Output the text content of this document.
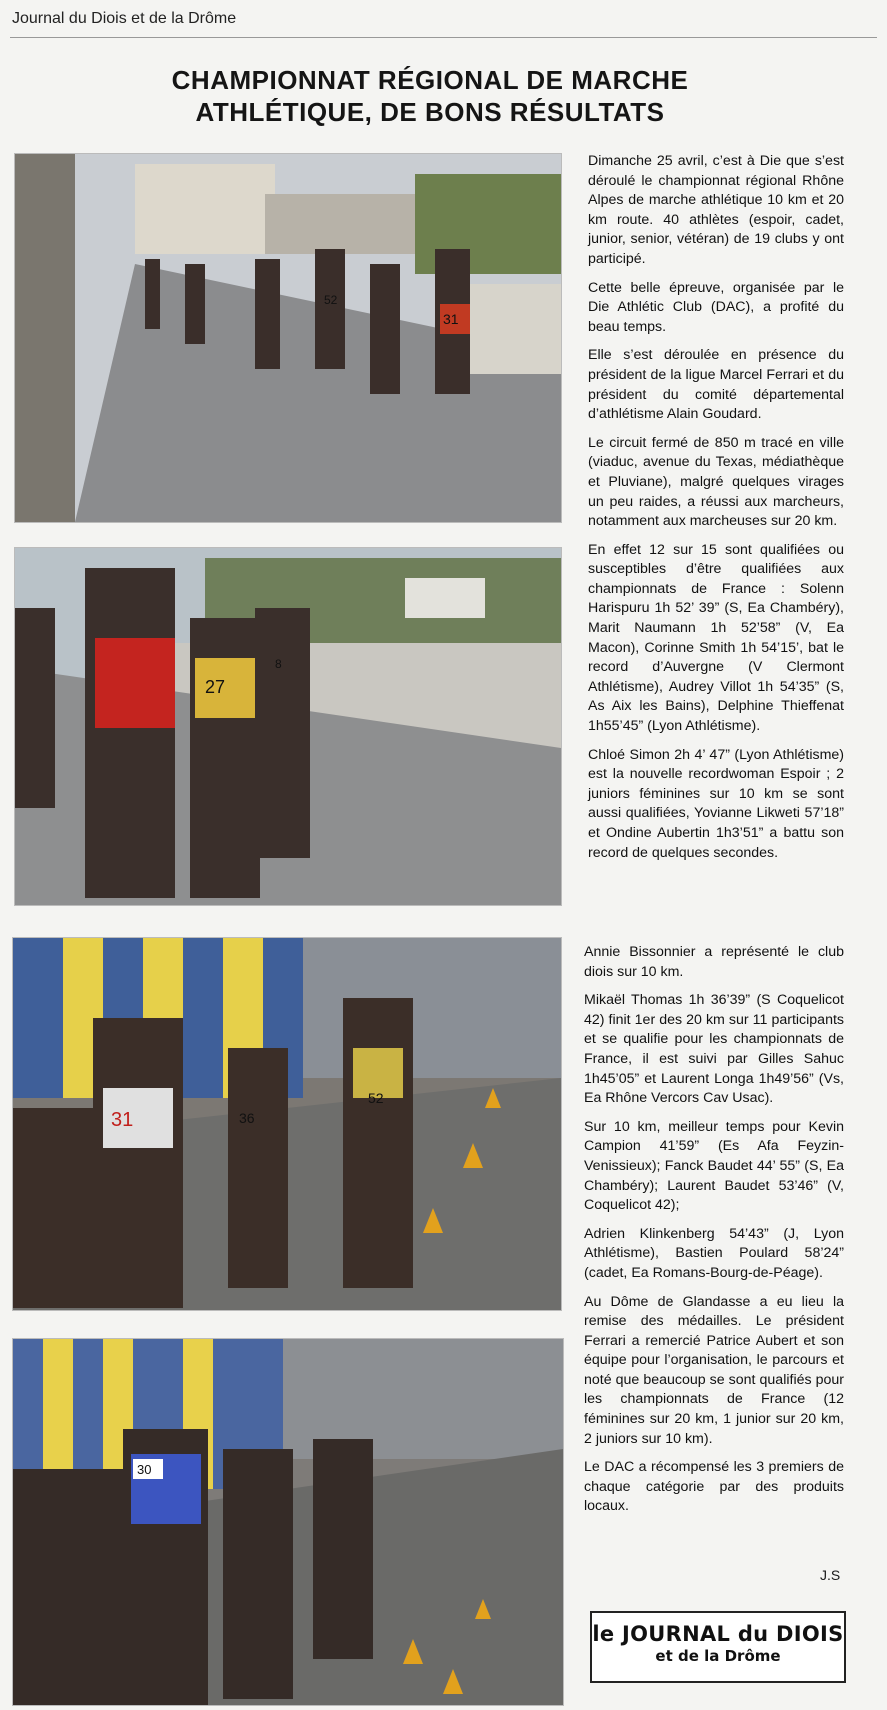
Journal du Diois et de la Drôme
CHAMPIONNAT RÉGIONAL DE MARCHE
ATHLÉTIQUE, DE BONS RÉSULTATS
52
31
27
8
31	36
52
30

Dimanche 25 avril, c’est à Die que s’est déroulé le championnat régional Rhône Alpes de marche athlétique 10 km et 20 km route. 40 athlètes (espoir, cadet, junior, senior, vétéran) de 19 clubs y ont participé.

Cette belle épreuve, organisée par le Die Athlétic Club (DAC), a profité du beau temps.

Elle s’est déroulée en présence du président de la ligue Marcel Ferrari et du président du comité départemental d’athlétisme Alain Goudard.

Le circuit fermé de 850 m tracé en ville (viaduc, avenue du Texas, médiathèque et Pluviane), malgré quelques virages un peu raides, a réussi aux marcheurs, notamment aux marcheuses sur 20 km.

En effet 12 sur 15 sont qualifiées ou susceptibles d’être qualifiées aux championnats de France : Solenn Harispuru 1h 52’ 39” (S, Ea Chambéry), Marit Naumann 1h 52’58” (V, Ea Macon), Corinne Smith 1h 54’15’, bat le record d’Auvergne (V Clermont Athlétisme), Audrey Villot 1h 54’35” (S, As Aix les Bains), Delphine Thieffenat 1h55’45” (Lyon Athlétisme).

Chloé Simon 2h 4’ 47” (Lyon Athlétisme) est la nouvelle recordwoman Espoir ; 2 juniors féminines sur 10 km se sont aussi qualifiées, Yovianne Likweti 57’18” et Ondine Aubertin 1h3’51” a battu son record de quelques secondes.

Annie Bissonnier a représenté le club diois sur 10 km.

Mikaël Thomas 1h 36’39” (S Coquelicot 42) finit 1er des 20 km sur 11 participants et se qualifie pour les championnats de France, il est suivi par Gilles Sahuc 1h45’05” et Laurent Longa 1h49’56” (Vs, Ea Rhône Vercors Cav Usac).

Sur 10 km, meilleur temps pour Kevin Campion 41’59” (Es Afa Feyzin-Venissieux); Fanck Baudet 44’ 55” (S, Ea Chambéry); Laurent Baudet 53’46” (V, Coquelicot 42);

Adrien Klinkenberg 54’43” (J, Lyon Athlétisme), Bastien Poulard 58’24” (cadet, Ea Romans-Bourg-de-Péage).

Au Dôme de Glandasse a eu lieu la remise des médailles. Le président Ferrari a remercié Patrice Aubert et son équipe pour l’organisation, le parcours et noté que beaucoup se sont qualifiés pour les championnats de France (12 féminines sur 20 km, 1 junior sur 20 km, 2 juniors sur 10 km).

Le DAC a récompensé les 3 premiers de chaque catégorie par des produits locaux.

J.S
le JOURNAL du DIOIS
et de la Drôme
